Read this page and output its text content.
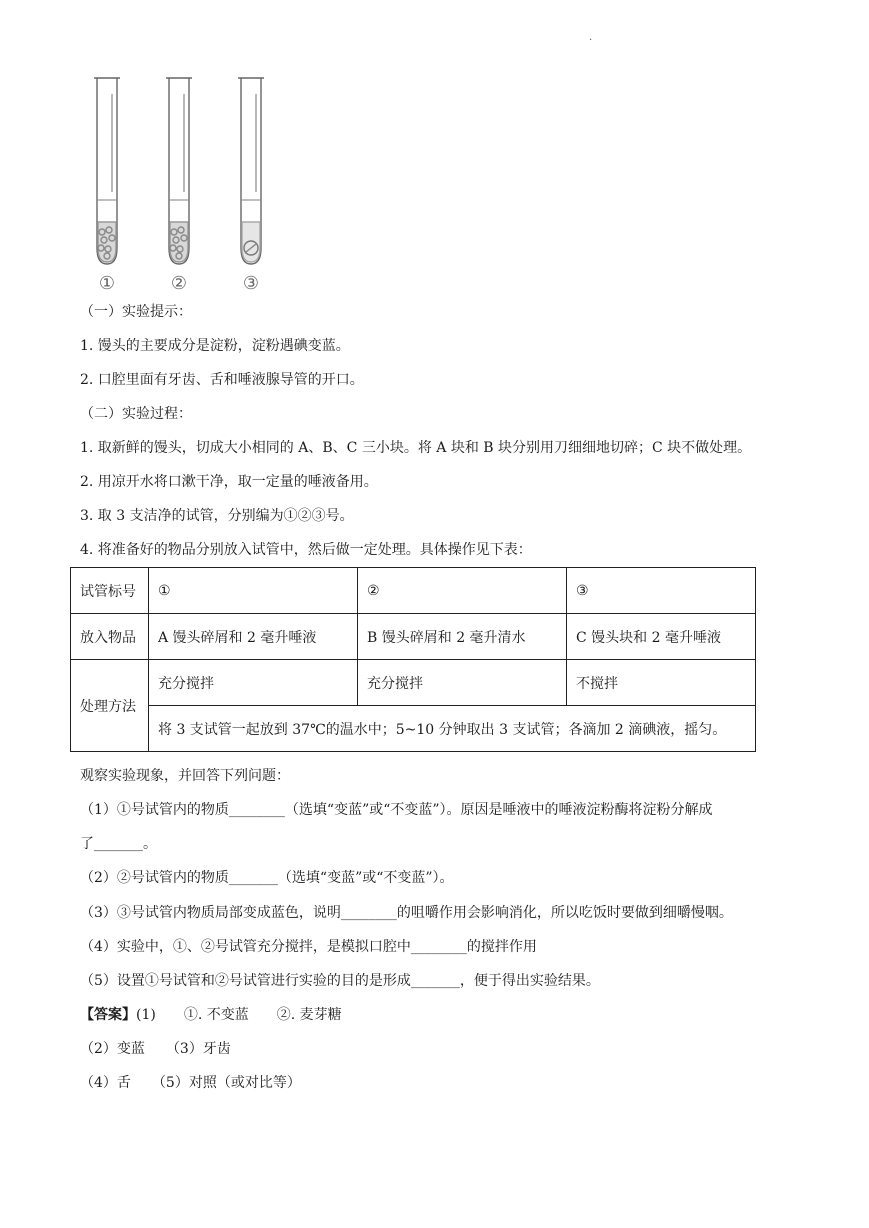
.
①	②	③
（一）实验提示：
1. 馒头的主要成分是淀粉，淀粉遇碘变蓝。
2. 口腔里面有牙齿、舌和唾液腺导管的开口。
（二）实验过程：
1. 取新鲜的馒头，切成大小相同的 A、B、C 三小块。将 A 块和 B 块分别用刀细细地切碎；C 块不做处理。
2. 用凉开水将口漱干净，取一定量的唾液备用。
3. 取 3 支洁净的试管，分别编为①②③号。
4. 将准备好的物品分别放入试管中，然后做一定处理。具体操作见下表：
试管标号	①	②	③
放入物品	A 馒头碎屑和 2 毫升唾液	B 馒头碎屑和 2 毫升清水	C 馒头块和 2 毫升唾液
处理方法	充分搅拌	充分搅拌	不搅拌
	将 3 支试管一起放到 37℃的温水中；5~10 分钟取出 3 支试管；各滴加 2 滴碘液，摇匀。		
观察实验现象，并回答下列问题：
（1）①号试管内的物质________（选填“变蓝”或“不变蓝”）。原因是唾液中的唾液淀粉酶将淀粉分解成
了_______。
（2）②号试管内的物质_______（选填“变蓝”或“不变蓝”）。
（3）③号试管内物质局部变成蓝色，说明________的咀嚼作用会影响消化，所以吃饭时要做到细嚼慢咽。
（4）实验中，①、②号试管充分搅拌，是模拟口腔中________的搅拌作用
（5）设置①号试管和②号试管进行实验的目的是形成_______，便于得出实验结果。
【答案】(1)　　①. 不变蓝　　②. 麦芽糖
（2）变蓝　　（3）牙齿
（4）舌　　（5）对照（或对比等）
